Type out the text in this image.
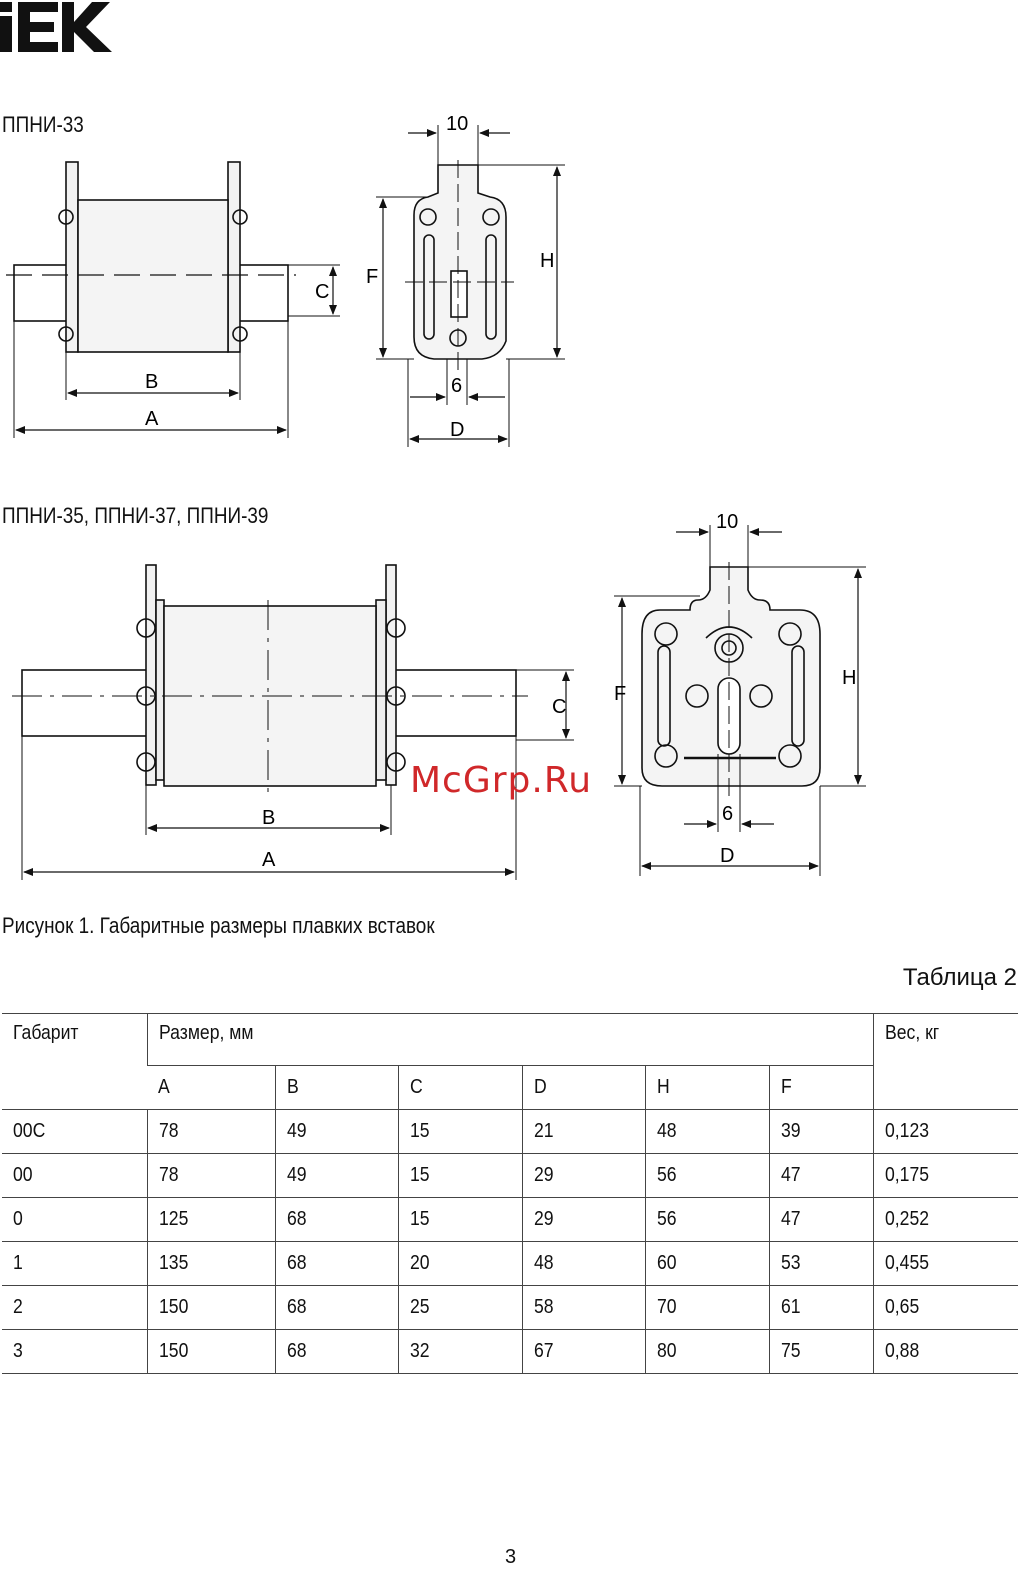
IEK
ППНИ-33
B
A
C
10
H
F
6
D
ППНИ-35, ППНИ-37, ППНИ-39
B
A
C
10
H
F
6
D
McGrp.Ru
Рисунок 1. Габаритные размеры плавких вставок
Таблица 2
Габарит	Размер, мм						Вес, кг
	A	B	C	D	H	F	
00C	78	49	15	21	48	39	0,123
00	78	49	15	29	56	47	0,175
0	125	68	15	29	56	47	0,252
1	135	68	20	48	60	53	0,455
2	150	68	25	58	70	61	0,65
3	150	68	32	67	80	75	0,88
3
